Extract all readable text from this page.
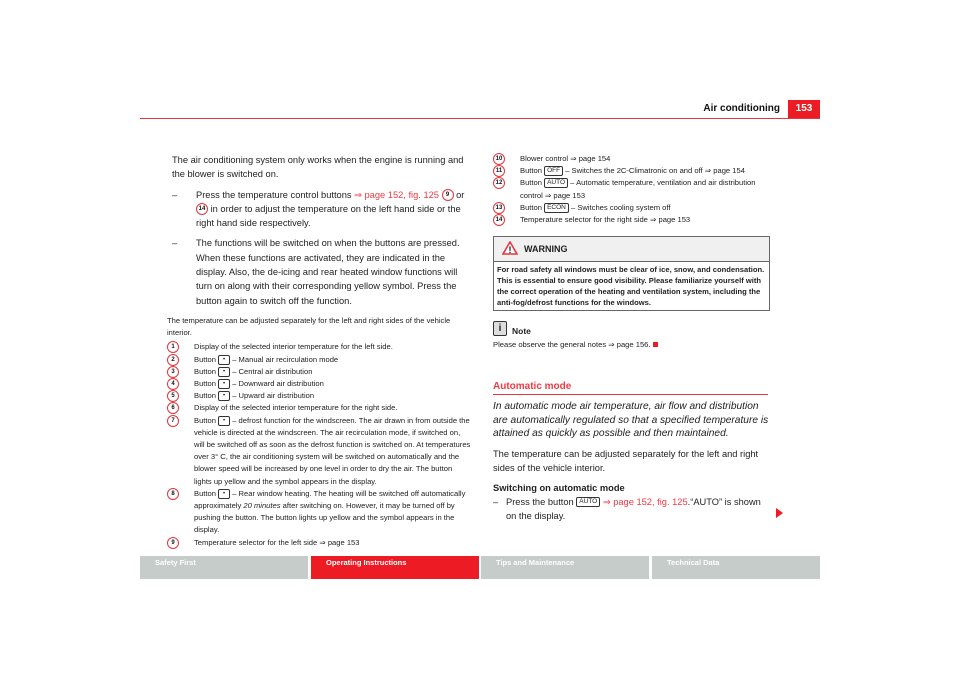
Air conditioning	153
The air conditioning system only works when the engine is running and the blower is switched on.
–	Press the temperature control buttons ⇒ page 152, fig. 125 9 or 14 in order to adjust the temperature on the left hand side or the right hand side respectively.
–	The functions will be switched on when the buttons are pressed. When these functions are activated, they are indicated in the display. Also, the de-icing and rear heated window functions will turn on along with their corresponding yellow symbol. Press the button again to switch off the function.
The temperature can be adjusted separately for the left and right sides of the vehicle interior.
1	Display of the selected interior temperature for the left side.
2	Button • – Manual air recirculation mode
3	Button • – Central air distribution
4	Button • – Downward air distribution
5	Button • – Upward air distribution
6	Display of the selected interior temperature for the right side.
7	Button • – defrost function for the windscreen. The air drawn in from outside the vehicle is directed at the windscreen. The air recirculation mode, if switched on, will be switched off as soon as the defrost function is switched on. At temperatures over 3° C, the air conditioning system will be switched on automatically and the blower speed will be increased by one level in order to dry the air. The button lights up yellow and the symbol appears in the display.
8	Button • – Rear window heating. The heating will be switched off automatically approximately 20 minutes after switching on. However, it may be turned off by pushing the button. The button lights up yellow and the symbol appears in the display.
9	Temperature selector for the left side ⇒ page 153
10	Blower control ⇒ page 154
11	Button OFF – Switches the 2C-Climatronic on and off ⇒ page 154
12	Button AUTO – Automatic temperature, ventilation and air distribution control ⇒ page 153
13	Button ECON – Switches cooling system off
14	Temperature selector for the right side ⇒ page 153
! WARNING
For road safety all windows must be clear of ice, snow, and condensation. This is essential to ensure good visibility. Please familiarize yourself with the correct operation of the heating and ventilation system, including the anti-fog/defrost functions for the windows.
i	Note
Please observe the general notes ⇒ page 156.
Automatic mode
In automatic mode air temperature, air flow and distribution are automatically regulated so that a specified temperature is attained as quickly as possible and then maintained.
The temperature can be adjusted separately for the left and right sides of the vehicle interior.
Switching on automatic mode
– Press the button AUTO ⇒ page 152, fig. 125.“AUTO” is shown on the display.
Safety First	Operating Instructions	Tips and Maintenance	Technical Data
